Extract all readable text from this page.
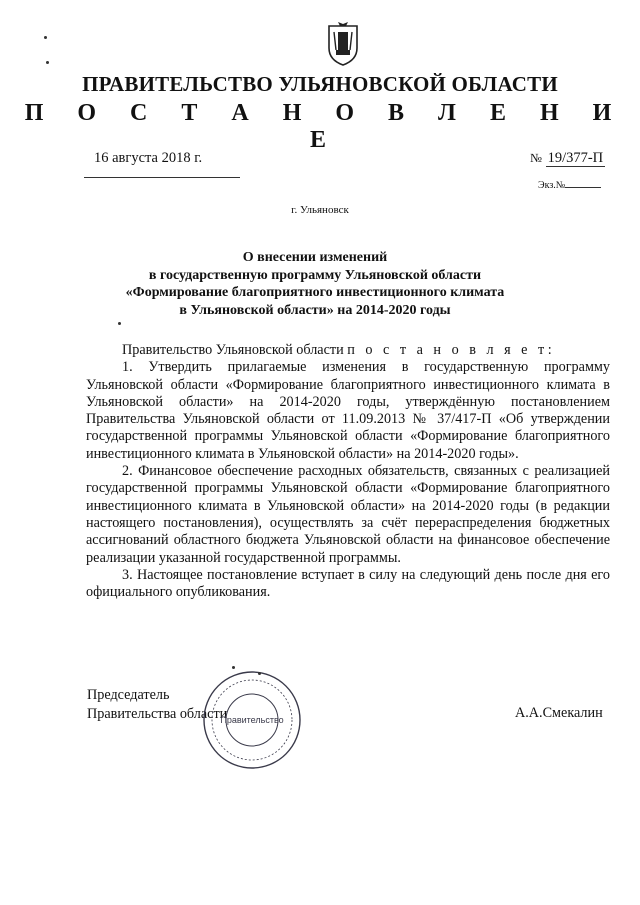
ПРАВИТЕЛЬСТВО УЛЬЯНОВСКОЙ ОБЛАСТИ
П О С Т А Н О В Л Е Н И Е
16 августа 2018 г.	№ 19/377-П
Экз.№
г. Ульяновск
О внесении изменений
в государственную программу Ульяновской области
«Формирование благоприятного инвестиционного климата
в Ульяновской области» на 2014-2020 годы

Правительство Ульяновской области п о с т а н о в л я е т:

1. Утвердить прилагаемые изменения в государственную программу Ульяновской области «Формирование благоприятного инвестиционного климата в Ульяновской области» на 2014-2020 годы, утверждённую постановлением Правительства Ульяновской области от 11.09.2013 № 37/417-П «Об утверждении государственной программы Ульяновской области «Формирование благоприятного инвестиционного климата в Ульяновской области» на 2014-2020 годы».

2. Финансовое обеспечение расходных обязательств, связанных с реализацией государственной программы Ульяновской области «Формирование благоприятного инвестиционного климата в Ульяновской области» на 2014-2020 годы (в редакции настоящего постановления), осуществлять за счёт перераспределения бюджетных ассигнований областного бюджета Ульяновской области на финансовое обеспечение реализации указанной государственной программы.

3. Настоящее постановление вступает в силу на следующий день после дня его официального опубликования.

Председатель
Правительства области
Правительство	А.А.Смекалин
